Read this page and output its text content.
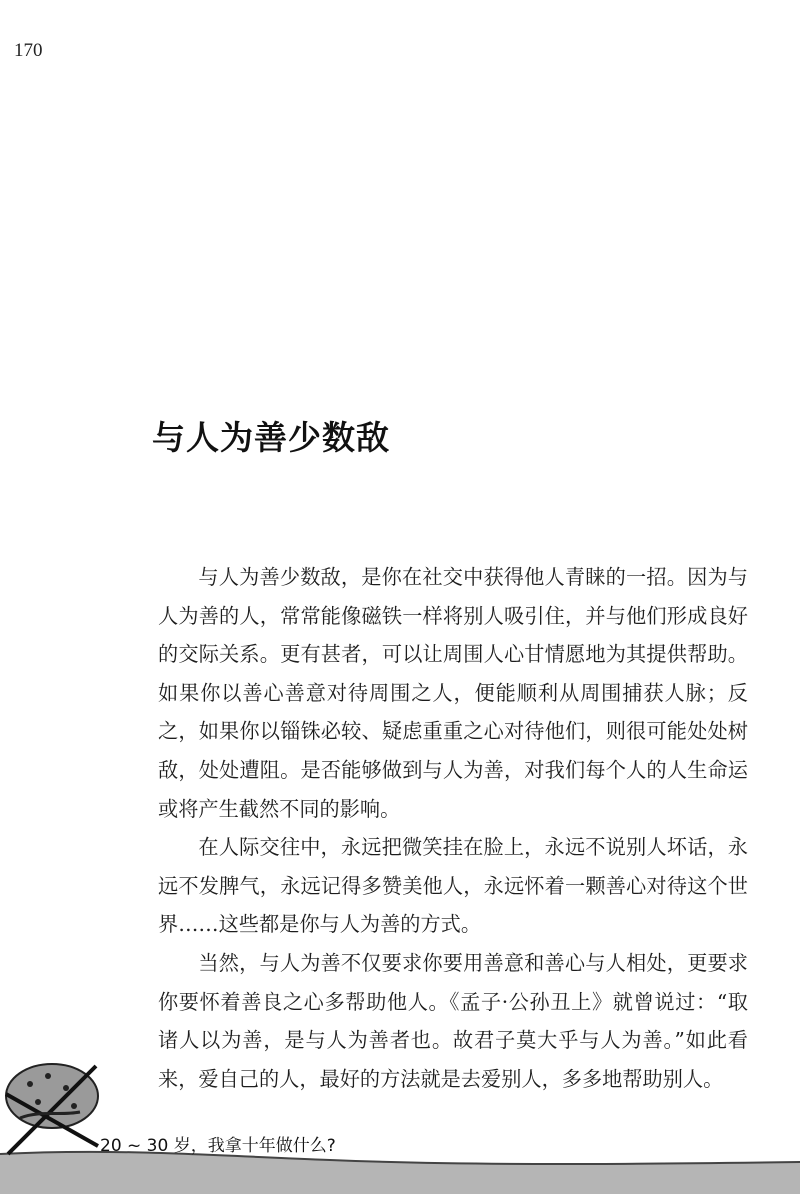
170
与人为善少数敌

与人为善少数敌，是你在社交中获得他人青睐的一招。因为与人为善的人，常常能像磁铁一样将别人吸引住，并与他们形成良好的交际关系。更有甚者，可以让周围人心甘情愿地为其提供帮助。如果你以善心善意对待周围之人，便能顺利从周围捕获人脉；反之，如果你以锱铢必较、疑虑重重之心对待他们，则很可能处处树敌，处处遭阻。是否能够做到与人为善，对我们每个人的人生命运或将产生截然不同的影响。

在人际交往中，永远把微笑挂在脸上，永远不说别人坏话，永远不发脾气，永远记得多赞美他人，永远怀着一颗善心对待这个世界……这些都是你与人为善的方式。

当然，与人为善不仅要求你要用善意和善心与人相处，更要求你要怀着善良之心多帮助他人。《孟子·公孙丑上》就曾说过：“取诸人以为善，是与人为善者也。故君子莫大乎与人为善。”如此看来，爱自己的人，最好的方法就是去爱别人，多多地帮助别人。

20 ~ 30 岁，我拿十年做什么?
